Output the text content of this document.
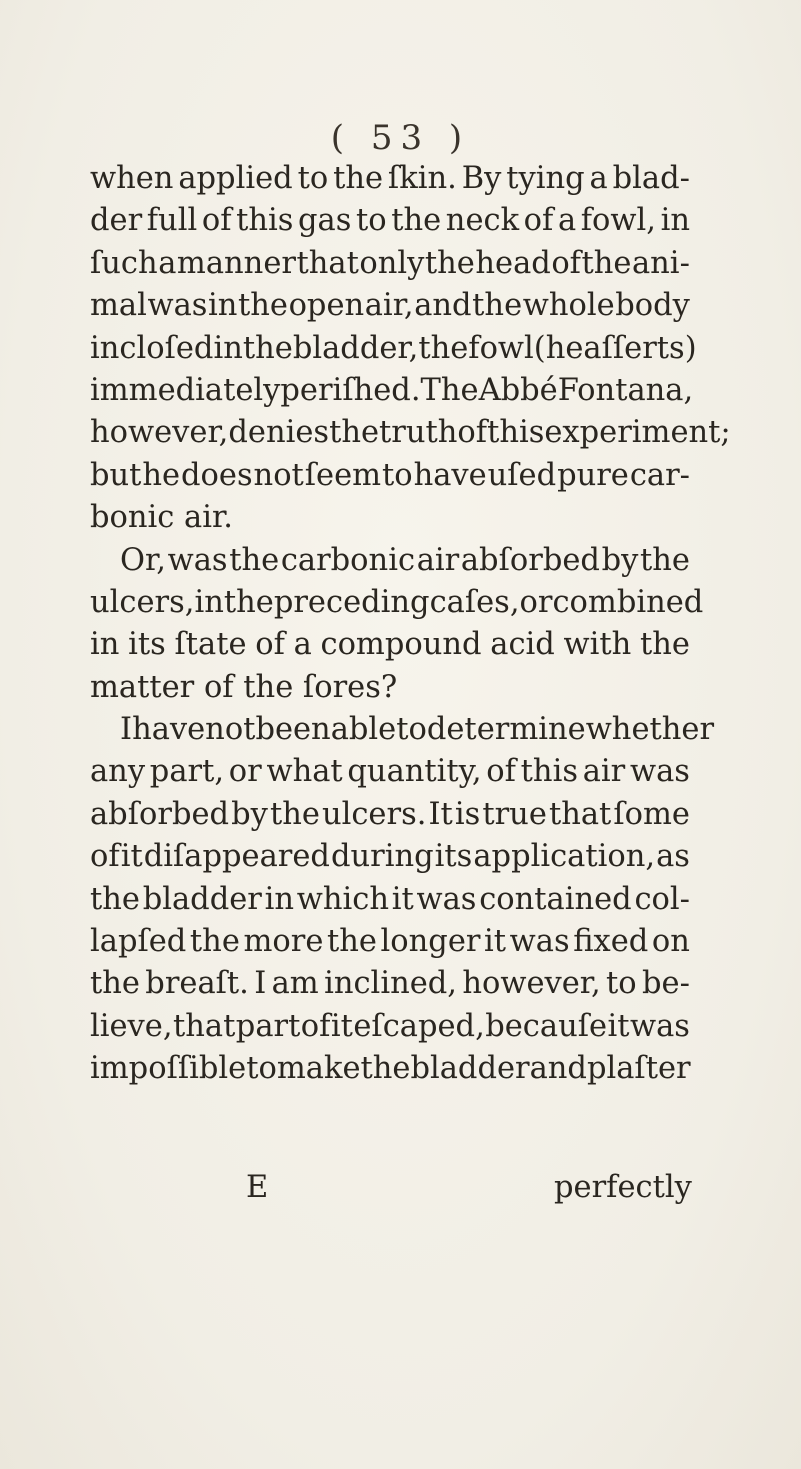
( 53 )
when applied to the ſkin. By tying a blad-
der full of this gas to the neck of a fowl, in
ſuch a manner that only the head of the ani-
mal was in the open air, and the whole body
incloſed in the bladder, the fowl (he aſſerts)
immediately periſhed. The Abbé Fontana,
however, denies the truth of this experiment;
but he does not ſeem to have uſed pure car-
bonic air.
Or, was the carbonic air abſorbed by the
ulcers, in the preceding caſes, or combined
in its ſtate of a compound acid with the
matter of the ſores?
I have not been able to determine whether
any part, or what quantity, of this air was
abſorbed by the ulcers. It is true that ſome
of it diſappeared during its application, as
the bladder in which it was contained col-
lapſed the more the longer it was fixed on
the breaſt. I am inclined, however, to be-
lieve, that part of it eſcaped, becauſe it was
impoſſible to make the bladder and plaſter
E	perfectly
